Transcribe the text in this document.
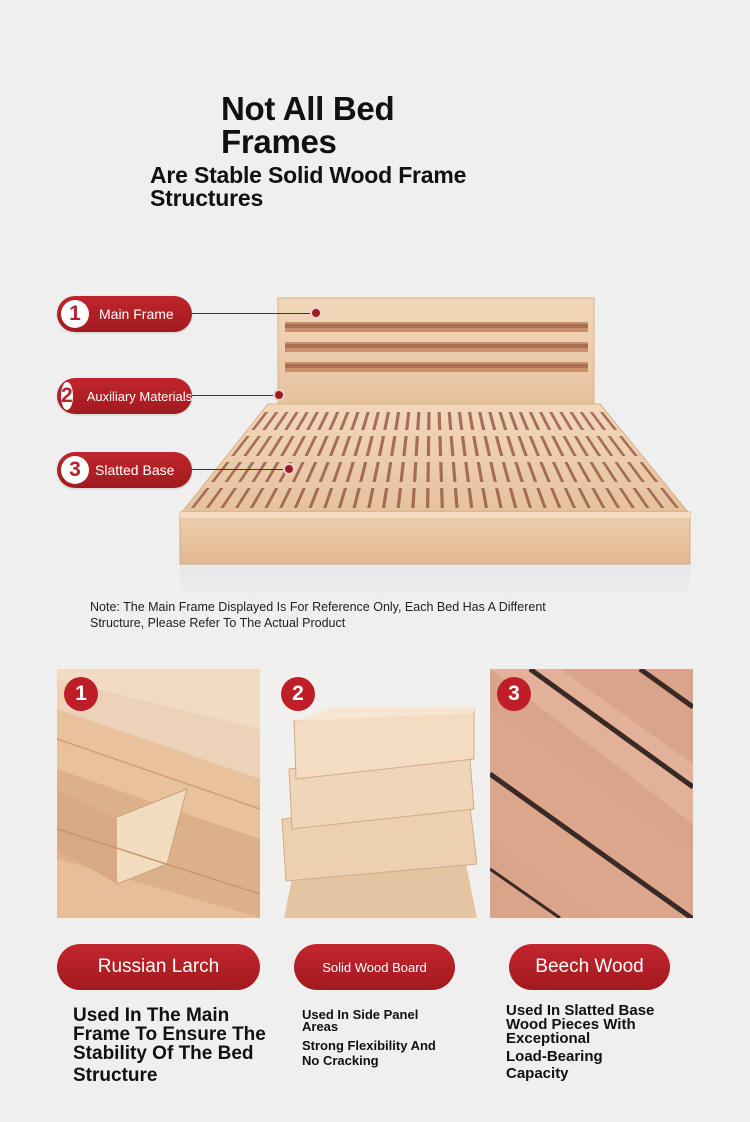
Not All Bed
Frames
Are Stable Solid Wood Frame
Structures
1	Main Frame
2 Auxiliary Materials
3	Slatted Base
Note: The Main Frame Displayed Is For Reference Only, Each Bed Has A Different
Structure, Please Refer To The Actual Product
1	2	3
Russian Larch	Solid Wood Board	Beech Wood
Used In The Main
Frame To Ensure The
Stability Of The Bed
Structure
Used In Side Panel
Areas
Strong Flexibility And
No Cracking
Used In Slatted Base
Wood Pieces With
Exceptional
Load-Bearing
Capacity
